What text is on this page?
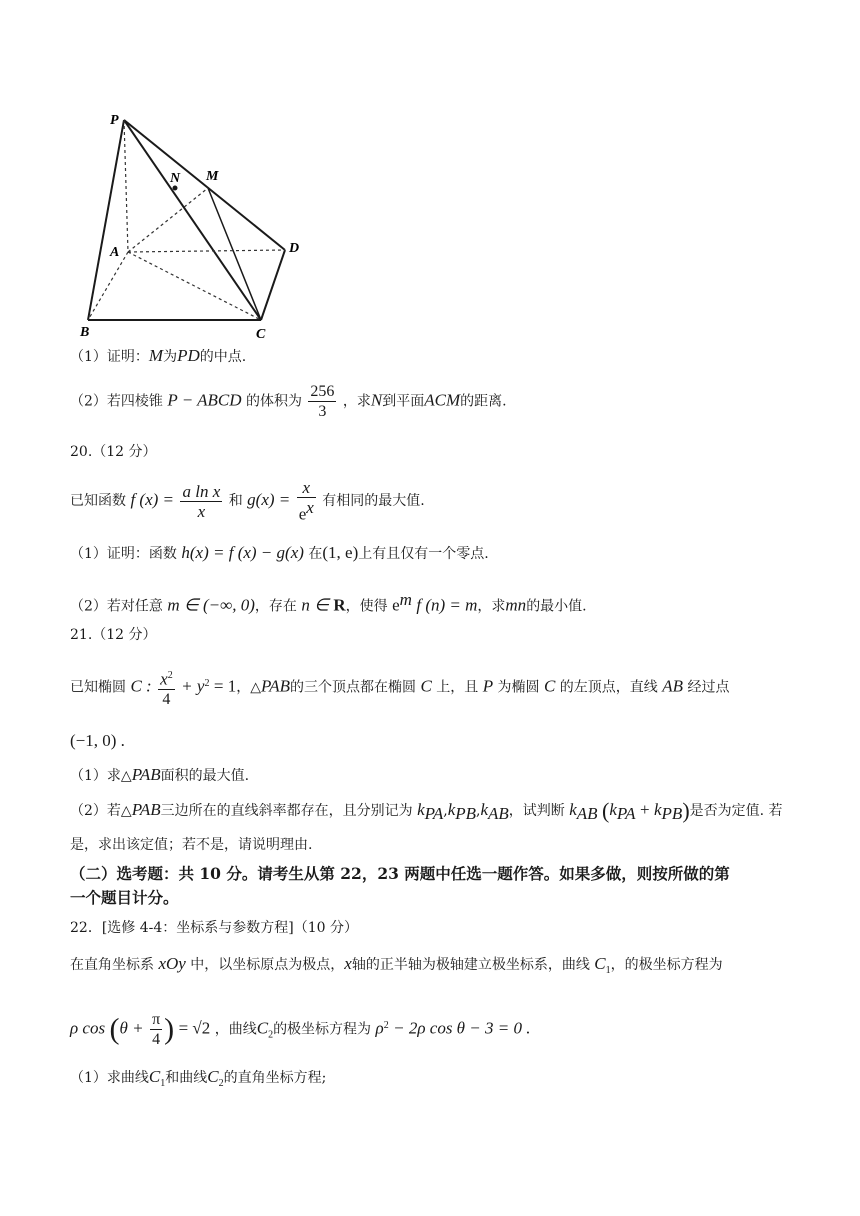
P
N M
A	D
B	C
（1）证明：M为PD的中点.
（2）若四棱锥 P − ABCD 的体积为 $\frac{256}{3}$ ，求N到平面ACM的距离.
20.（12 分）
已知函数 f $(x) = \frac{\text{a ln x}}{x}$ 和 $g(x) = \frac{x}{e^x}$ 有相同的最大值.
（1）证明：函数 h(x) = f (x) − g(x) 在(1, e)上有且仅有一个零点.
（2）若对任意 m ∈ (−∞, 0)，存在 n ∈ R，使得 $e^m$ f (n) = m，求mn的最小值.
21.（12 分）
已知椭圆 C : $\frac{x^2}{4} + y^2 = 1$，△PAB的三个顶点都在椭圆 C 上，且 P 为椭圆 C 的左顶点，直线 AB 经过点
(−1, 0) .
（1）求△PAB面积的最大值.
（2）若△PAB三边所在的直线斜率都存在，且分别记为 $k_{PA},k_{PB},k_{AB}$，试判断 $k_{AB}$ $(k_{PA} + k_{PB})$是否为定值. 若
是，求出该定值；若不是，请说明理由.
（二）选考题：共 10 分。请考生从第 22，23 两题中任选一题作答。如果多做，则按所做的第
一个题目计分。
22．[选修 4-4：坐标系与参数方程]（10 分）
在直角坐标系 xOy 中，以坐标原点为极点，x轴的正半轴为极轴建立极坐标系，曲线 $C_1$，的极坐标方程为
ρ $\cos (\theta + \frac{\pi}{4}$ ) = √2 ，曲线$C_2$的极坐标方程为 $\rho^2 - 2\rho$ cos θ − 3 = 0 .
（1）求曲线$C_1$和曲线$C_2$的直角坐标方程;
